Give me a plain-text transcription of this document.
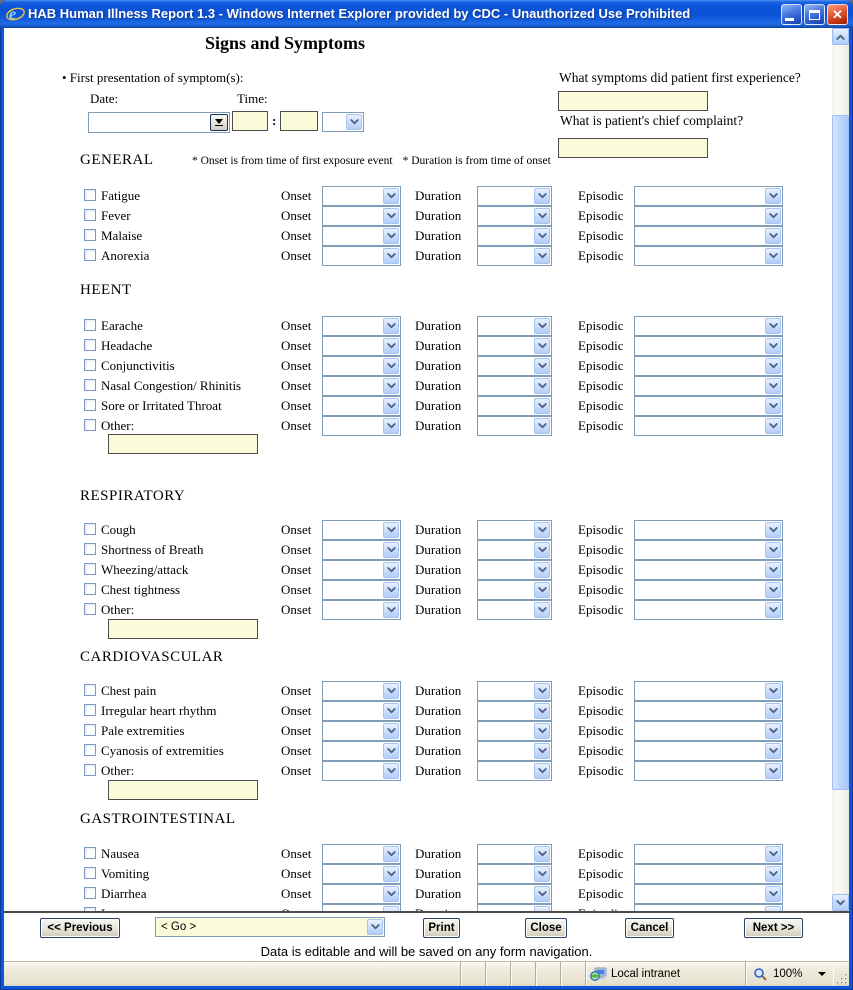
e HAB Human Illness Report 1.3 - Windows Internet Explorer provided by CDC - Unauthorized Use Prohibited	✕
Signs and Symptoms
• First presentation of symptom(s):
Date:	Time:
:
What symptoms did patient first experience?
What is patient's chief complaint?
* Onset is from time of first exposure event * Duration is from time of onset
GENERAL
Fatigue	Onset	Duration	Episodic
Fever	Onset	Duration	Episodic
Malaise	Onset	Duration	Episodic
Anorexia	Onset	Duration	Episodic
HEENT
Earache	Onset	Duration	Episodic
Headache	Onset	Duration	Episodic
Conjunctivitis	Onset	Duration	Episodic
Nasal Congestion/ Rhinitis	Onset	Duration	Episodic
Sore or Irritated Throat	Onset	Duration	Episodic
Other:	Onset	Duration	Episodic
RESPIRATORY
Cough	Onset	Duration	Episodic
Shortness of Breath	Onset	Duration	Episodic
Wheezing/attack	Onset	Duration	Episodic
Chest tightness	Onset	Duration	Episodic
Other:	Onset	Duration	Episodic
CARDIOVASCULAR
Chest pain	Onset	Duration	Episodic
Irregular heart rhythm	Onset	Duration	Episodic
Pale extremities	Onset	Duration	Episodic
Cyanosis of extremities	Onset	Duration	Episodic
Other:	Onset	Duration	Episodic
GASTROINTESTINAL
Nausea	Onset	Duration	Episodic
Vomiting	Onset	Duration	Episodic
Diarrhea	Onset	Duration	Episodic
<< Previous	< Go >	Print	Close	Cancel	Next >>
Data is editable and will be saved on any form navigation.
Local intranet	100%
